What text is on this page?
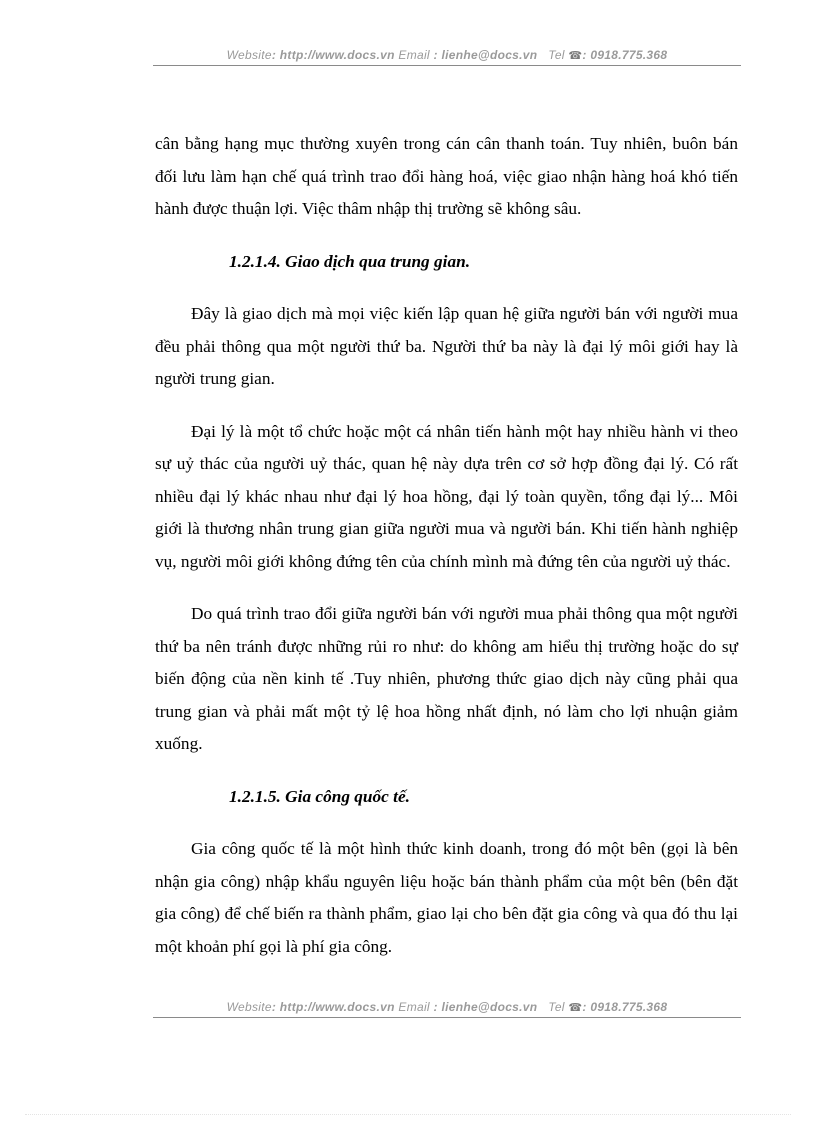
Website: http://www.docs.vn Email : lienhe@docs.vn Tel ☎: 0918.775.368

cân bằng hạng mục thường xuyên trong cán cân thanh toán. Tuy nhiên, buôn bán đối lưu làm hạn chế quá trình trao đổi hàng hoá, việc giao nhận hàng hoá khó tiến hành được thuận lợi. Việc thâm nhập thị trường sẽ không sâu.

1.2.1.4. Giao dịch qua trung gian.

Đây là giao dịch mà mọi việc kiến lập quan hệ giữa người bán với người mua đều phải thông qua một người thứ ba. Người thứ ba này là đại lý môi giới hay là người trung gian.

Đại lý là một tổ chức hoặc một cá nhân tiến hành một hay nhiều hành vi theo sự uỷ thác của người uỷ thác, quan hệ này dựa trên cơ sở hợp đồng đại lý. Có rất nhiều đại lý khác nhau như đại lý hoa hồng, đại lý toàn quyền, tổng đại lý... Môi giới là thương nhân trung gian giữa người mua và người bán. Khi tiến hành nghiệp vụ, người môi giới không đứng tên của chính mình mà đứng tên của người uỷ thác.

Do quá trình trao đổi giữa người bán với người mua phải thông qua một người thứ ba nên tránh được những rủi ro như: do không am hiểu thị trường hoặc do sự biến động của nền kinh tế .Tuy nhiên, phương thức giao dịch này cũng phải qua trung gian và phải mất một tỷ lệ hoa hồng nhất định, nó làm cho lợi nhuận giảm xuống.

1.2.1.5. Gia công quốc tế.

Gia công quốc tế là một hình thức kinh doanh, trong đó một bên (gọi là bên nhận gia công) nhập khẩu nguyên liệu hoặc bán thành phẩm của một bên (bên đặt gia công) để chế biến ra thành phẩm, giao lại cho bên đặt gia công và qua đó thu lại một khoản phí gọi là phí gia công.

Website: http://www.docs.vn Email : lienhe@docs.vn Tel ☎: 0918.775.368
